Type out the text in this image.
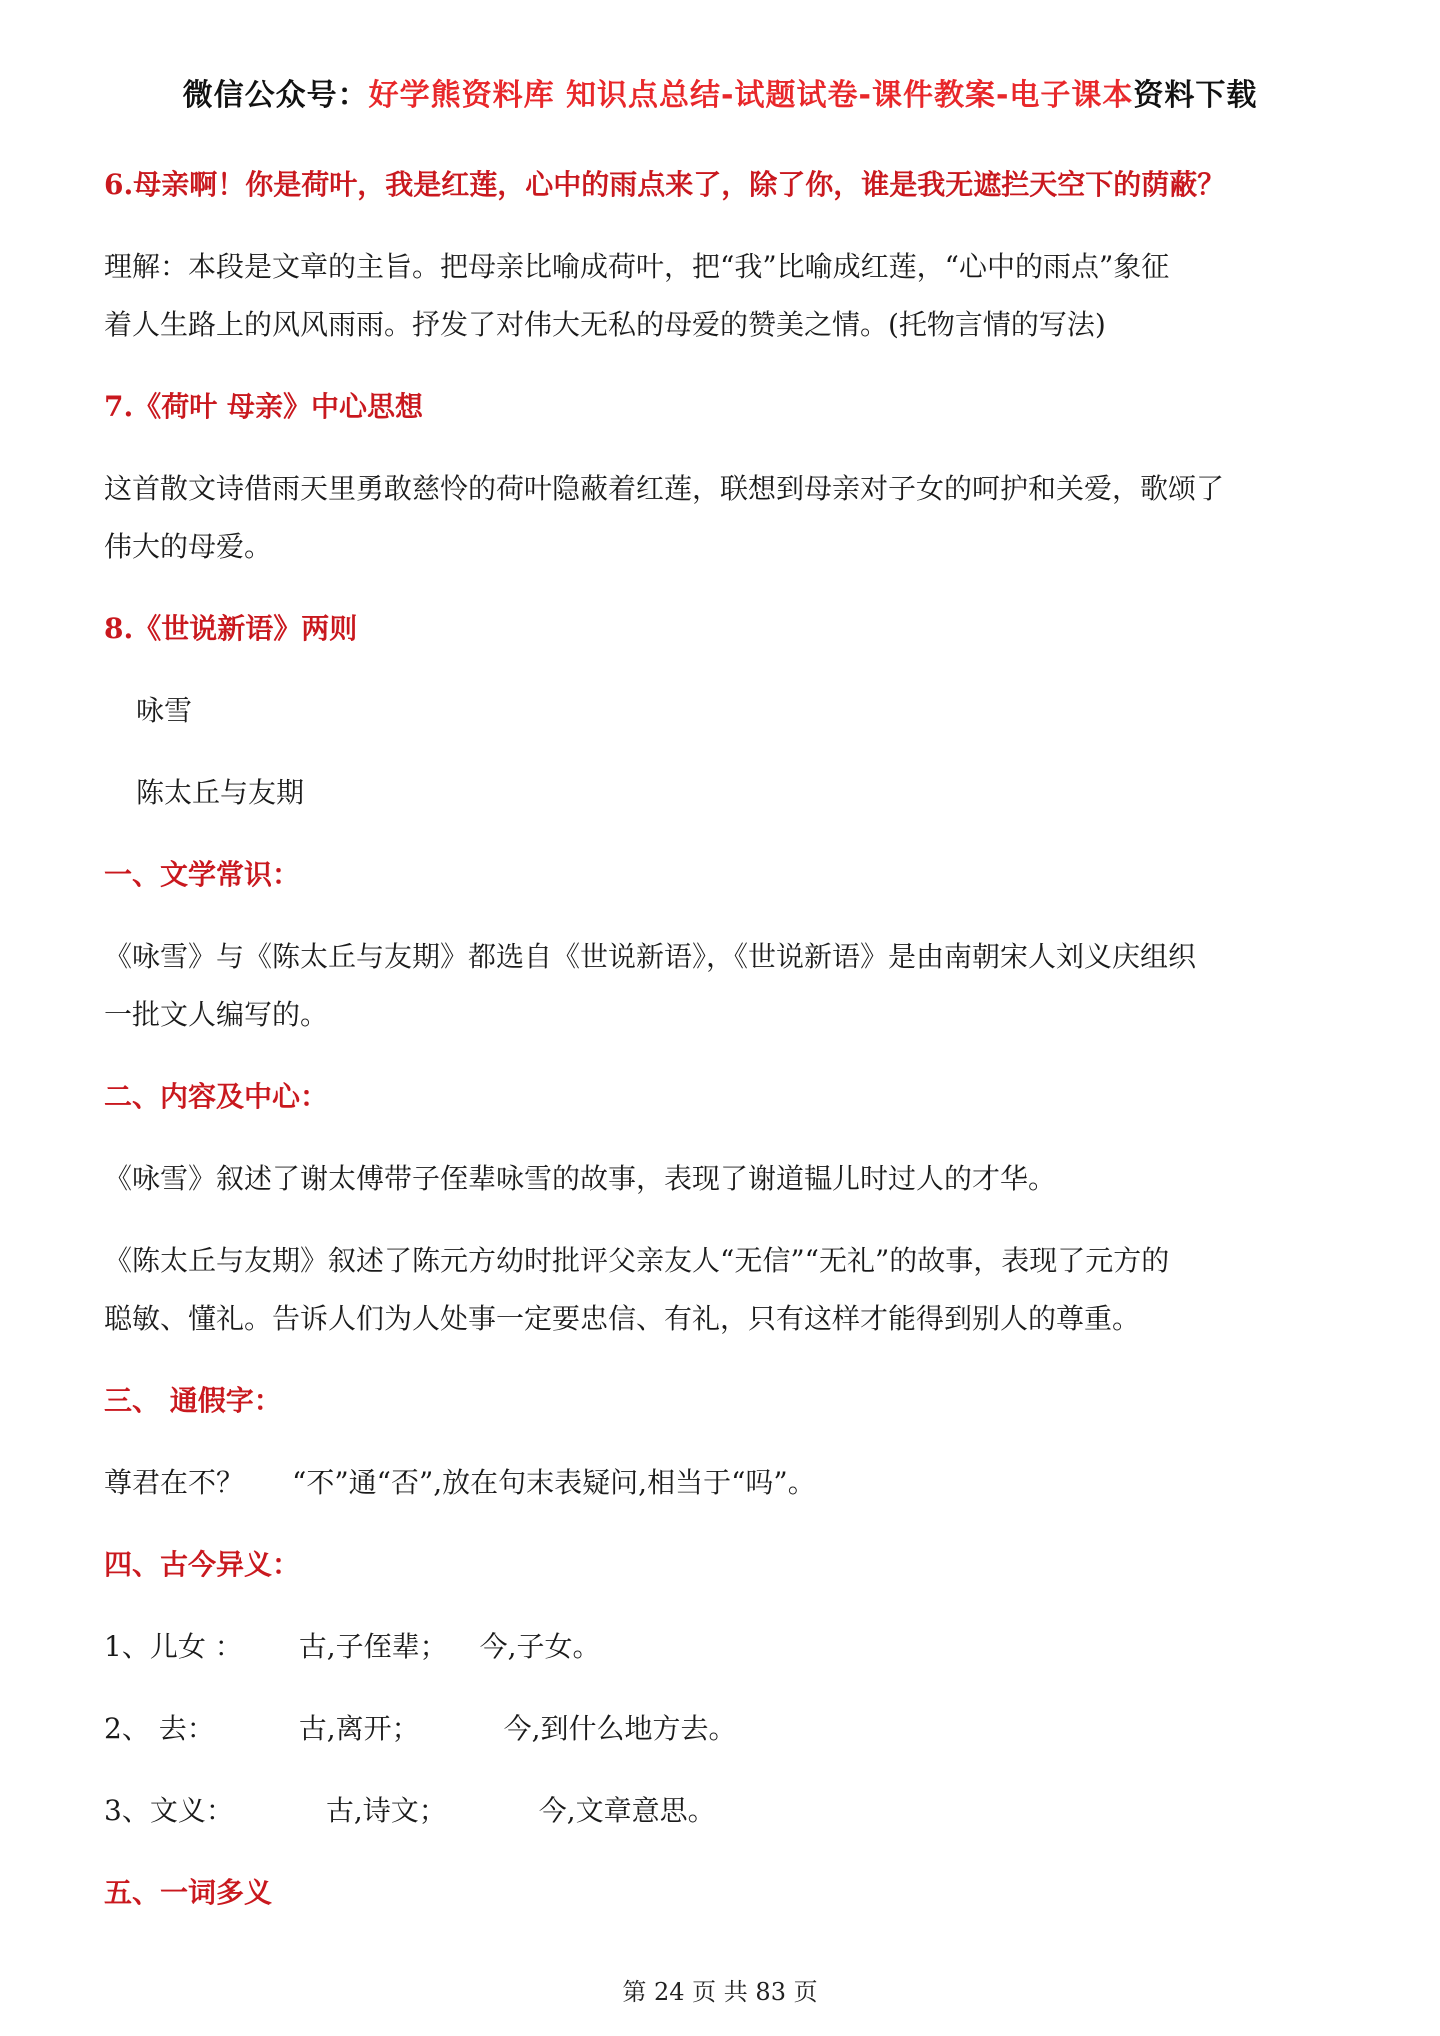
微信公众号：好学熊资料库 知识点总结-试题试卷-课件教案-电子课本资料下载

6.母亲啊！你是荷叶，我是红莲，心中的雨点来了，除了你，谁是我无遮拦天空下的荫蔽？

理解：本段是文章的主旨。把母亲比喻成荷叶，把“我”比喻成红莲，“心中的雨点”象征

着人生路上的风风雨雨。抒发了对伟大无私的母爱的赞美之情。(托物言情的写法)

7.《荷叶 母亲》中心思想

这首散文诗借雨天里勇敢慈怜的荷叶隐蔽着红莲，联想到母亲对子女的呵护和关爱，歌颂了

伟大的母爱。

8.《世说新语》两则

咏雪

陈太丘与友期

一、文学常识：

《咏雪》与《陈太丘与友期》都选自《世说新语》，《世说新语》是由南朝宋人刘义庆组织

一批文人编写的。

二、内容及中心：

《咏雪》叙述了谢太傅带子侄辈咏雪的故事，表现了谢道韫儿时过人的才华。

《陈太丘与友期》叙述了陈元方幼时批评父亲友人“无信”“无礼”的故事，表现了元方的

聪敏、懂礼。告诉人们为人处事一定要忠信、有礼，只有这样才能得到别人的尊重。

三、 通假字：

尊君在不？ “不”通“否”,放在句末表疑问,相当于“吗”。

四、古今异义：

1、儿女 ： 古,子侄辈； 今,子女。

2、 去：	古,离开；	今,到什么地方去。

3、文义：	古,诗文；	今,文章意思。

五、一词多义

第 24 页 共 83 页
